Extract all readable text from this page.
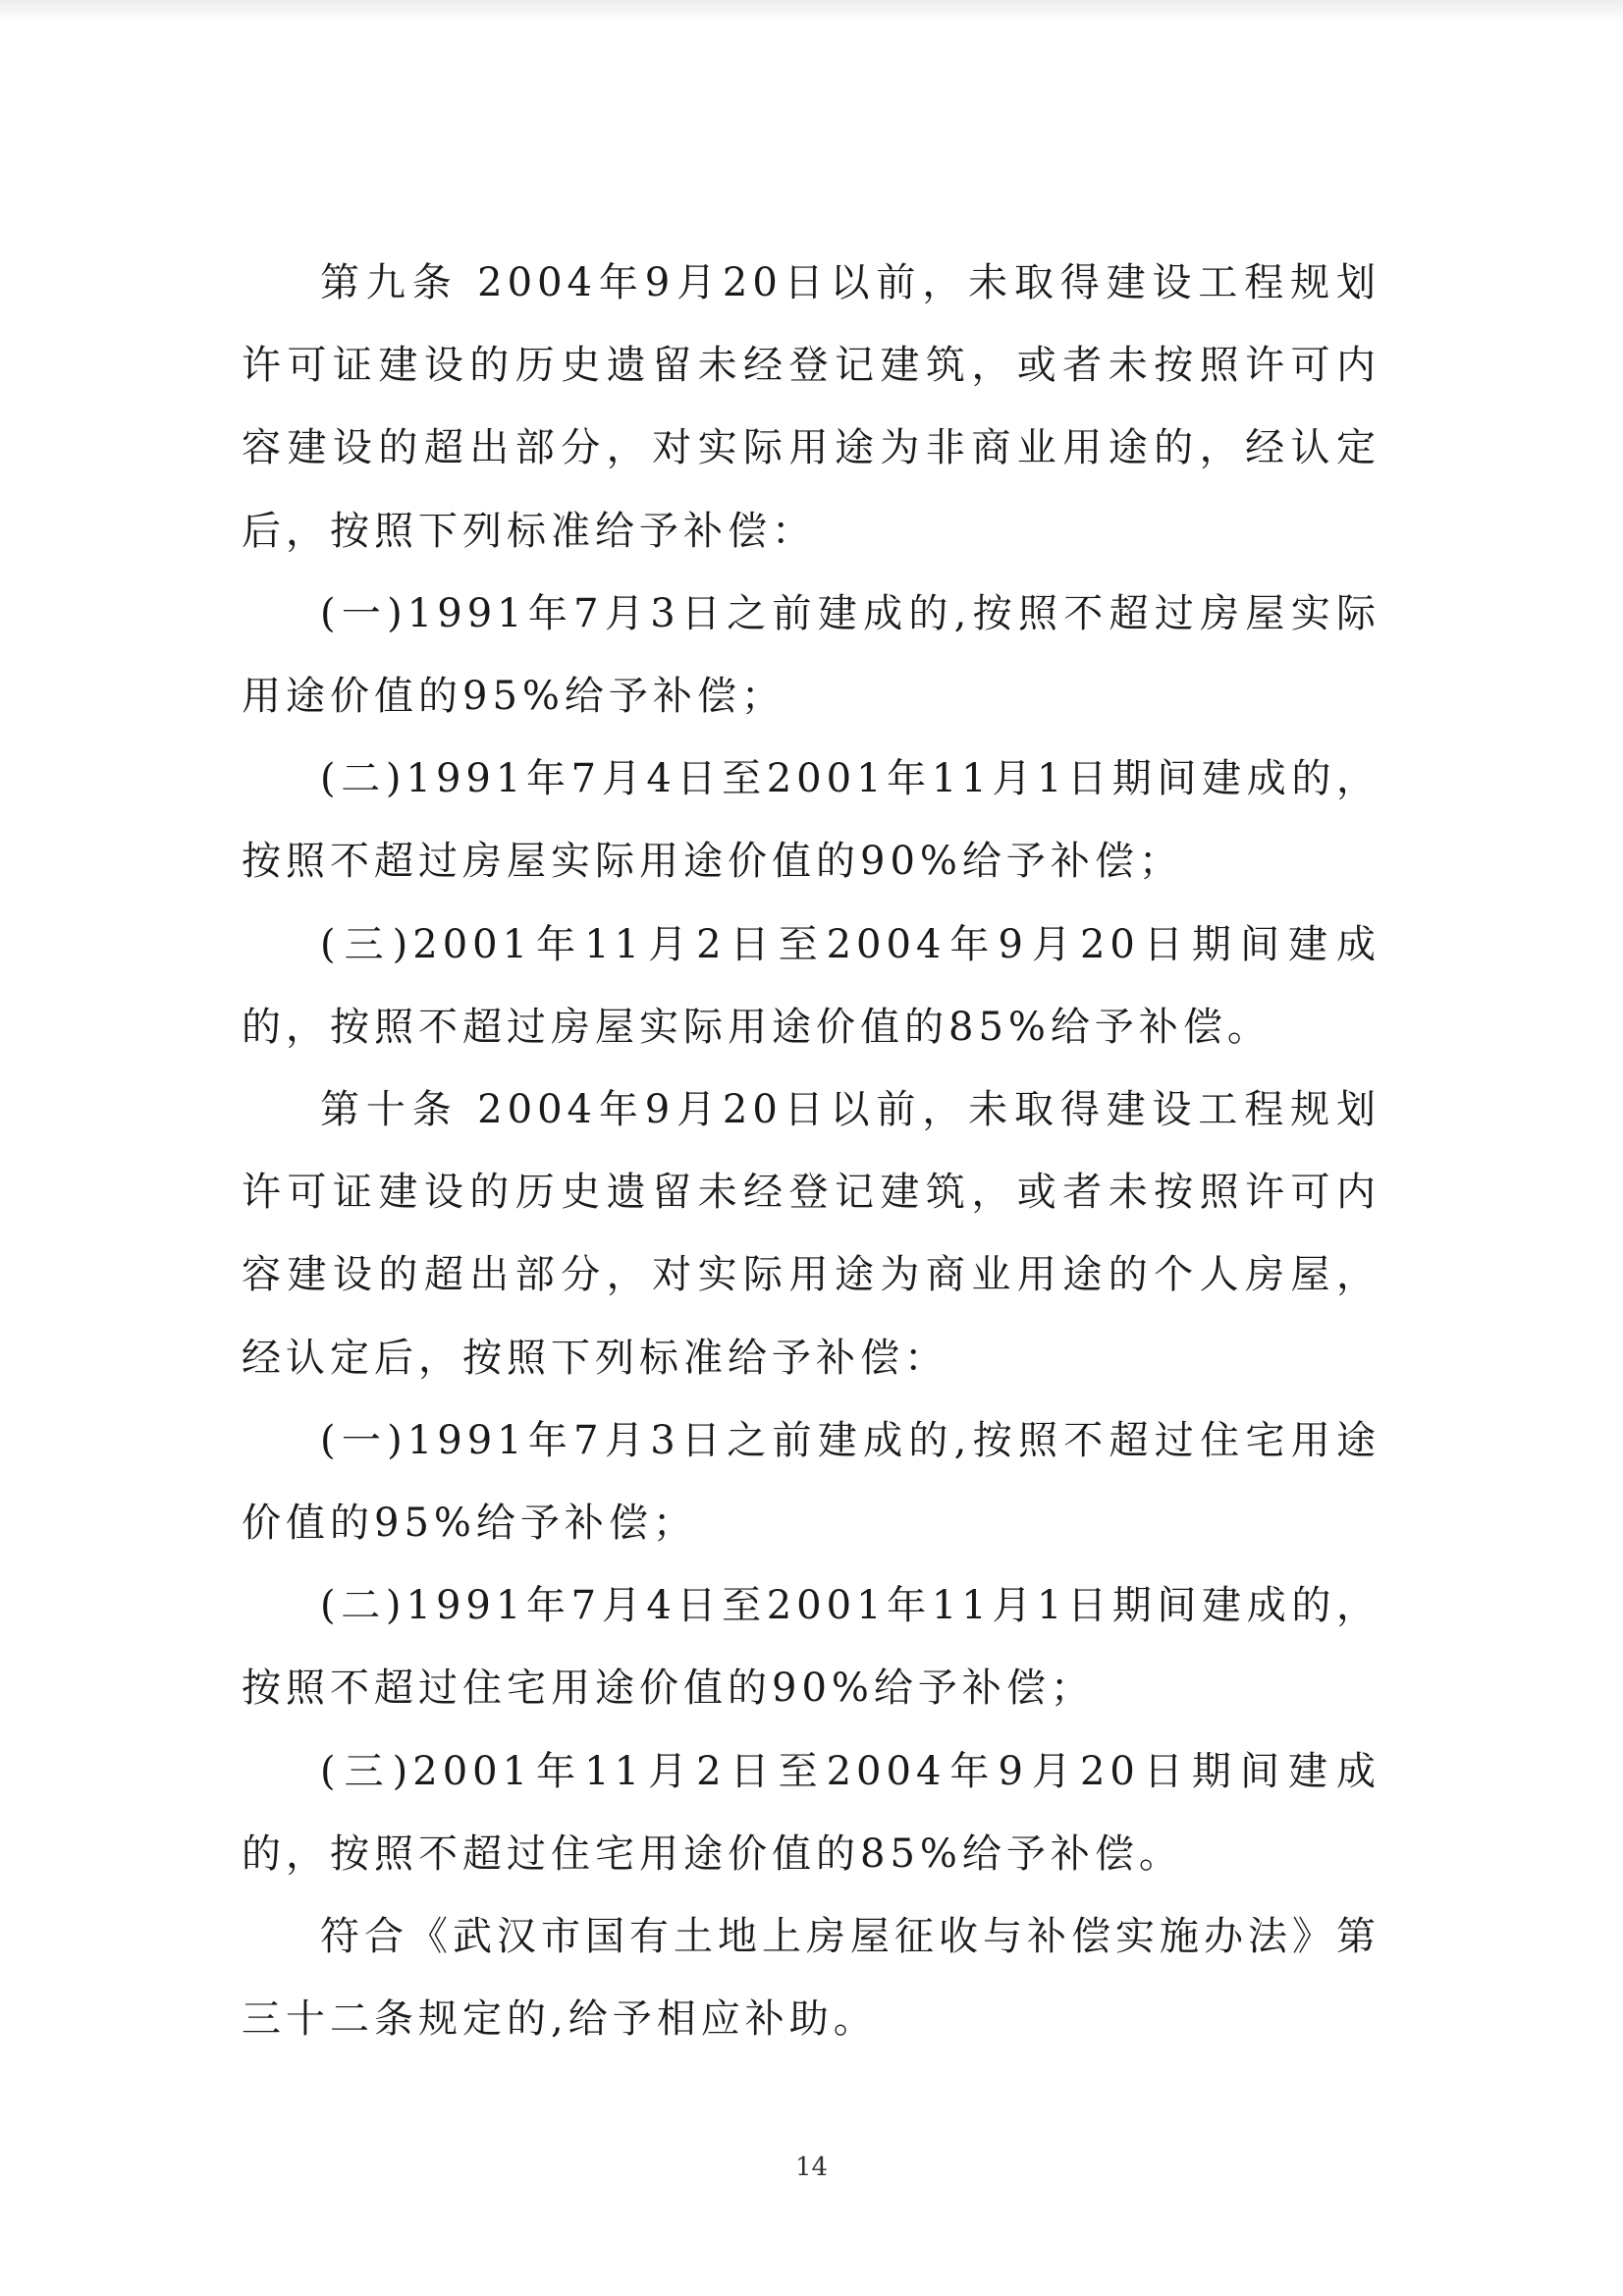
第九条 2004年9月20日以前，未取得建设工程规划许可证建设的历史遗留未经登记建筑，或者未按照许可内容建设的超出部分，对实际用途为非商业用途的，经认定后，按照下列标准给予补偿：

(一)1991年7月3日之前建成的,按照不超过房屋实际用途价值的95%给予补偿；

(二)1991年7月4日至2001年11月1日期间建成的，按照不超过房屋实际用途价值的90%给予补偿；

(三)2001年11月2日至2004年9月20日期间建成的，按照不超过房屋实际用途价值的85%给予补偿。

第十条 2004年9月20日以前，未取得建设工程规划许可证建设的历史遗留未经登记建筑，或者未按照许可内容建设的超出部分，对实际用途为商业用途的个人房屋，经认定后，按照下列标准给予补偿：

(一)1991年7月3日之前建成的,按照不超过住宅用途价值的95%给予补偿；

(二)1991年7月4日至2001年11月1日期间建成的，按照不超过住宅用途价值的90%给予补偿；

(三)2001年11月2日至2004年9月20日期间建成的，按照不超过住宅用途价值的85%给予补偿。

符合《武汉市国有土地上房屋征收与补偿实施办法》第三十二条规定的,给予相应补助。

14
